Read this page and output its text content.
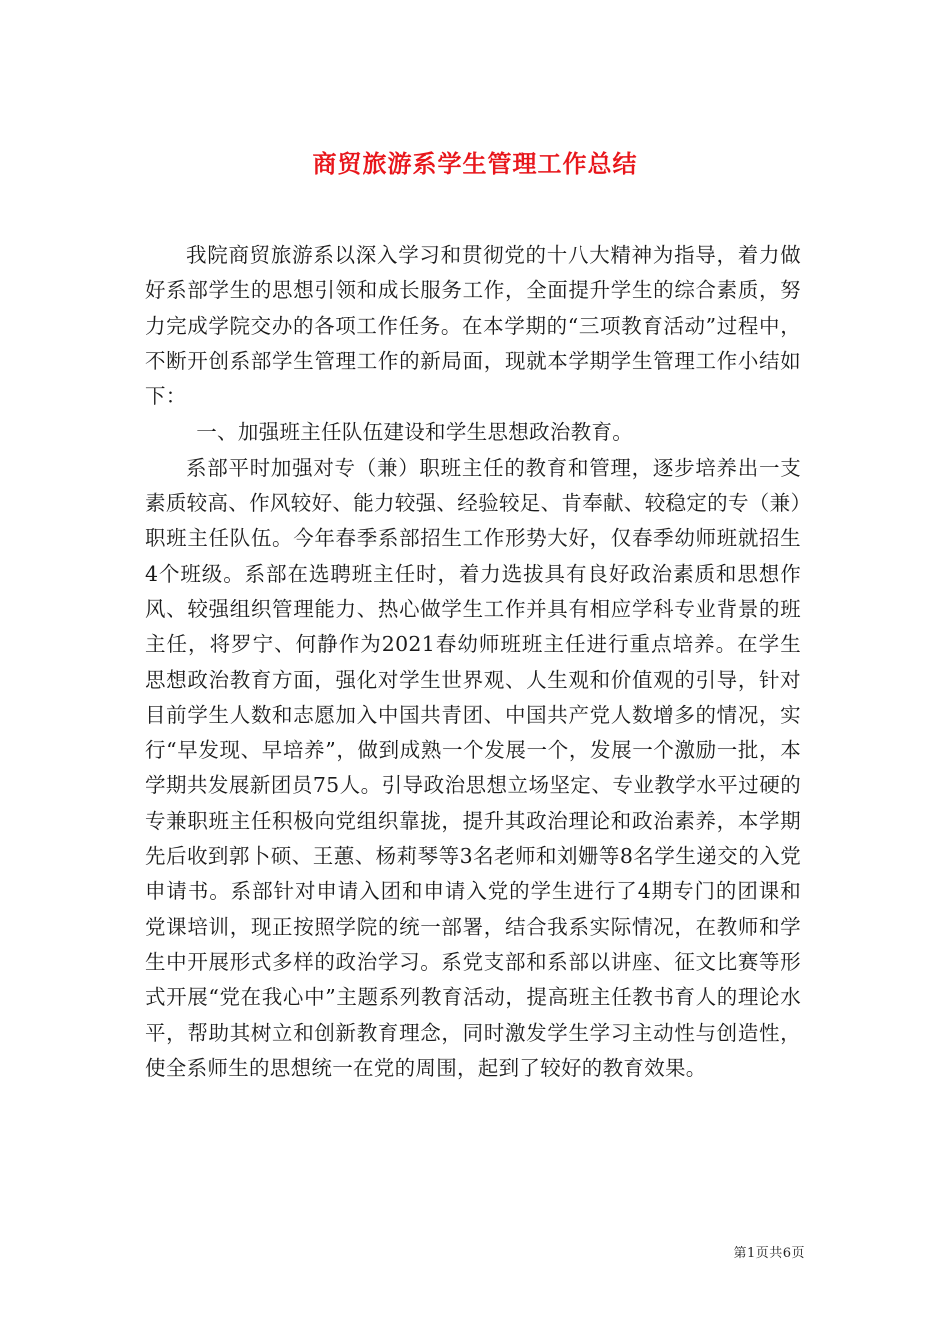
商贸旅游系学生管理工作总结

我院商贸旅游系以深入学习和贯彻党的十八大精神为指导，着力做好系部学生的思想引领和成长服务工作，全面提升学生的综合素质，努力完成学院交办的各项工作任务。在本学期的“三项教育活动”过程中，不断开创系部学生管理工作的新局面，现就本学期学生管理工作小结如下：

一、加强班主任队伍建设和学生思想政治教育。

系部平时加强对专（兼）职班主任的教育和管理，逐步培养出一支素质较高、作风较好、能力较强、经验较足、肯奉献、较稳定的专（兼）职班主任队伍。今年春季系部招生工作形势大好，仅春季幼师班就招生4个班级。系部在选聘班主任时，着力选拔具有良好政治素质和思想作风、较强组织管理能力、热心做学生工作并具有相应学科专业背景的班主任，将罗宁、何静作为2021春幼师班班主任进行重点培养。在学生思想政治教育方面，强化对学生世界观、人生观和价值观的引导，针对目前学生人数和志愿加入中国共青团、中国共产党人数增多的情况，实行“早发现、早培养”，做到成熟一个发展一个，发展一个激励一批，本学期共发展新团员75人。引导政治思想立场坚定、专业教学水平过硬的专兼职班主任积极向党组织靠拢，提升其政治理论和政治素养，本学期先后收到郭卜硕、王蕙、杨莉琴等3名老师和刘姗等8名学生递交的入党申请书。系部针对申请入团和申请入党的学生进行了4期专门的团课和党课培训，现正按照学院的统一部署，结合我系实际情况，在教师和学生中开展形式多样的政治学习。系党支部和系部以讲座、征文比赛等形式开展“党在我心中”主题系列教育活动，提高班主任教书育人的理论水平，帮助其树立和创新教育理念，同时激发学生学习主动性与创造性，使全系师生的思想统一在党的周围，起到了较好的教育效果。

第1页共6页
